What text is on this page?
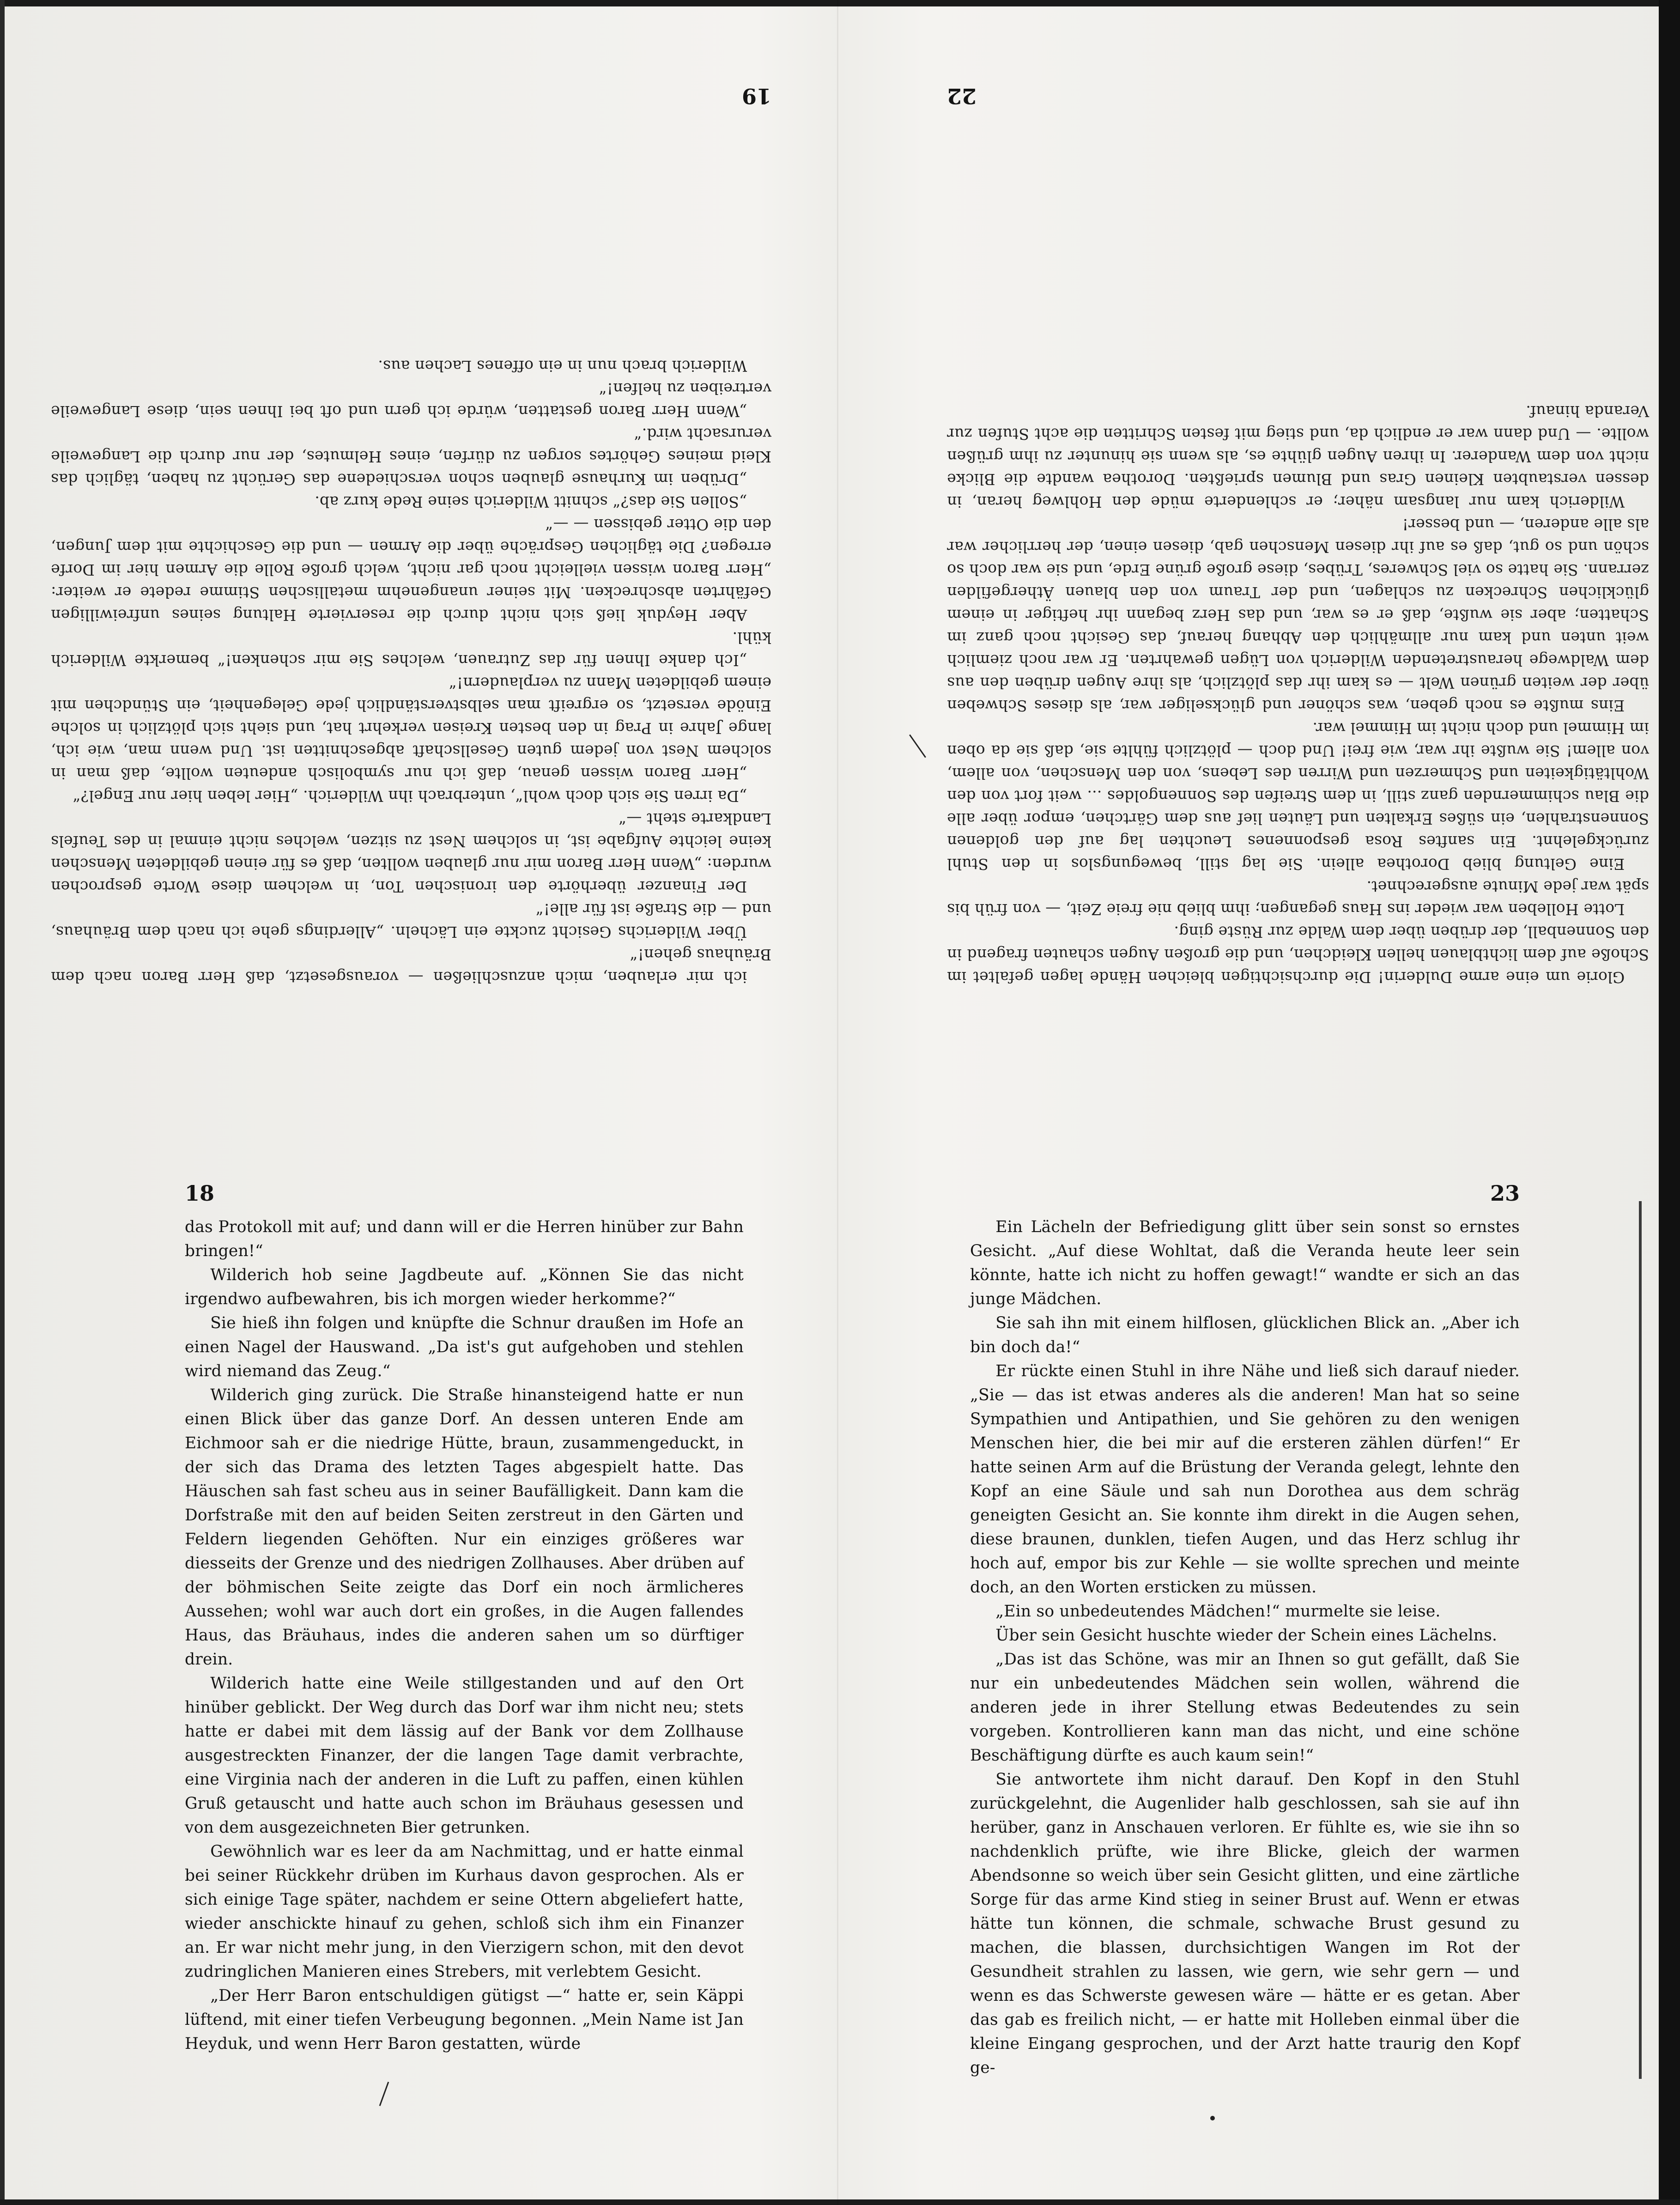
ich mir erlauben, mich anzuschließen — vorausgesetzt, daß Herr Baron nach dem Bräuhaus gehen!“

Über Wilderichs Gesicht zuckte ein Lächeln. „Allerdings gehe ich nach dem Bräuhaus, und — die Straße ist für alle!“

Der Finanzer überhörte den ironischen Ton, in welchem diese Worte gesprochen wurden: „Wenn Herr Baron mir nur glauben wollten, daß es für einen gebildeten Menschen keine leichte Aufgabe ist, in solchem Nest zu sitzen, welches nicht einmal in des Teufels Landkarte steht —“

„Da irren Sie sich doch wohl“, unterbrach ihn Wilderich. „Hier leben hier nur Engel?“

„Herr Baron wissen genau, daß ich nur symbolisch andeuten wollte, daß man in solchem Nest von jedem guten Gesellschaft abgeschnitten ist. Und wenn man, wie ich, lange Jahre in Prag in den besten Kreisen verkehrt hat, und sieht sich plötzlich in solche Einöde versetzt, so ergreift man selbstverständlich jede Gelegenheit, ein Stündchen mit einem gebildeten Mann zu verplaudern!“

„Ich danke Ihnen für das Zutrauen, welches Sie mir schenken!“ bemerkte Wilderich kühl.

Aber Heyduk ließ sich nicht durch die reservierte Haltung seines unfreiwilligen Gefährten abschrecken. Mit seiner unangenehm metallischen Stimme redete er weiter: „Herr Baron wissen vielleicht noch gar nicht, welch große Rolle die Armen hier im Dorfe erregen? Die täglichen Gespräche über die Armen — und die Geschichte mit dem Jungen, den die Otter gebissen — —“

„Sollen Sie das?“ schnitt Wilderich seine Rede kurz ab.

„Drüben im Kurhause glauben schon verschiedene das Gerücht zu haben, täglich das Kleid meines Gehörtes sorgen zu dürfen, eines Helmutes, der nur durch die Langeweile verursacht wird.“

„Wenn Herr Baron gestatten, würde ich gern und oft bei Ihnen sein, diese Langeweile vertreiben zu helfen!“

Wilderich brach nun in ein offenes Lachen aus.

19

Glorie um eine arme Dulderin! Die durchsichtigen bleichen Hände lagen gefaltet im Schoße auf dem lichtblauen hellen Kleidchen, und die großen Augen schauten fragend in den Sonnenball, der drüben über dem Walde zur Rüste ging.

Lotte Holleben war wieder ins Haus gegangen; ihm blieb nie freie Zeit, — von früh bis spät war jede Minute ausgerechnet.

Eine Geltung blieb Dorothea allein. Sie lag still, bewegungslos in den Stuhl zurückgelehnt. Ein sanftes Rosa gesponnenes Leuchten lag auf den goldenen Sonnenstrahlen, ein süßes Erkalten und Läuten lief aus dem Gärtchen, empor über alle die Blau schimmernden ganz still, in dem Streifen des Sonnengoldes ... weit fort von den Wohltätigkeiten und Schmerzen und Wirren des Lebens, von den Menschen, von allem, von allem! Sie wußte ihr war, wie frei! Und doch — plötzlich fühlte sie, daß sie da oben im Himmel und doch nicht im Himmel war.

Eins mußte es noch geben, was schöner und glückseliger war, als dieses Schweben über der weiten grünen Welt — es kam ihr das plötzlich, als ihre Augen drüben den aus dem Waldwege heraustretenden Wilderich von Lügen gewahrten. Er war noch ziemlich weit unten und kam nur allmählich den Abhang herauf, das Gesicht noch ganz im Schatten; aber sie wußte, daß er es war, und das Herz begann ihr heftiger in einem glücklichen Schrecken zu schlagen, und der Traum von den blauen Äthergefilden zerrann. Sie hatte so viel Schweres, Trübes, diese große grüne Erde, und sie war doch so schön und so gut, daß es auf ihr diesen Menschen gab, diesen einen, der herrlicher war als alle anderen, — und besser!

Wilderich kam nur langsam näher; er schlenderte müde den Hohlweg heran, in dessen verstaubten Kleinen Gras und Blumen sprießten. Dorothea wandte die Blicke nicht von dem Wanderer. In ihren Augen glühte es, als wenn sie hinunter zu ihm grüßen wollte. — Und dann war er endlich da, und stieg mit festen Schritten die acht Stufen zur Veranda hinauf.

22
18

das Protokoll mit auf; und dann will er die Herren hinüber zur Bahn bringen!“

Wilderich hob seine Jagdbeute auf. „Können Sie das nicht irgendwo aufbewahren, bis ich morgen wieder herkomme?“

Sie hieß ihn folgen und knüpfte die Schnur draußen im Hofe an einen Nagel der Hauswand. „Da ist's gut aufgehoben und stehlen wird niemand das Zeug.“

Wilderich ging zurück. Die Straße hinansteigend hatte er nun einen Blick über das ganze Dorf. An dessen unteren Ende am Eichmoor sah er die niedrige Hütte, braun, zusammengeduckt, in der sich das Drama des letzten Tages abgespielt hatte. Das Häuschen sah fast scheu aus in seiner Baufälligkeit. Dann kam die Dorfstraße mit den auf beiden Seiten zerstreut in den Gärten und Feldern liegenden Gehöften. Nur ein einziges größeres war diesseits der Grenze und des niedrigen Zollhauses. Aber drüben auf der böhmischen Seite zeigte das Dorf ein noch ärmlicheres Aussehen; wohl war auch dort ein großes, in die Augen fallendes Haus, das Bräuhaus, indes die anderen sahen um so dürftiger drein.

Wilderich hatte eine Weile stillgestanden und auf den Ort hinüber geblickt. Der Weg durch das Dorf war ihm nicht neu; stets hatte er dabei mit dem lässig auf der Bank vor dem Zollhause ausgestreckten Finanzer, der die langen Tage damit verbrachte, eine Virginia nach der anderen in die Luft zu paffen, einen kühlen Gruß getauscht und hatte auch schon im Bräuhaus gesessen und von dem ausgezeichneten Bier getrunken.

Gewöhnlich war es leer da am Nachmittag, und er hatte einmal bei seiner Rückkehr drüben im Kurhaus davon gesprochen. Als er sich einige Tage später, nachdem er seine Ottern abgeliefert hatte, wieder anschickte hinauf zu gehen, schloß sich ihm ein Finanzer an. Er war nicht mehr jung, in den Vierzigern schon, mit den devot zudringlichen Manieren eines Strebers, mit verlebtem Gesicht.

„Der Herr Baron entschuldigen gütigst —“ hatte er, sein Käppi lüftend, mit einer tiefen Verbeugung begonnen. „Mein Name ist Jan Heyduk, und wenn Herr Baron gestatten, würde

23

Ein Lächeln der Befriedigung glitt über sein sonst so ernstes Gesicht. „Auf diese Wohltat, daß die Veranda heute leer sein könnte, hatte ich nicht zu hoffen gewagt!“ wandte er sich an das junge Mädchen.

Sie sah ihn mit einem hilflosen, glücklichen Blick an. „Aber ich bin doch da!“

Er rückte einen Stuhl in ihre Nähe und ließ sich darauf nieder. „Sie — das ist etwas anderes als die anderen! Man hat so seine Sympathien und Antipathien, und Sie gehören zu den wenigen Menschen hier, die bei mir auf die ersteren zählen dürfen!“ Er hatte seinen Arm auf die Brüstung der Veranda gelegt, lehnte den Kopf an eine Säule und sah nun Dorothea aus dem schräg geneigten Gesicht an. Sie konnte ihm direkt in die Augen sehen, diese braunen, dunklen, tiefen Augen, und das Herz schlug ihr hoch auf, empor bis zur Kehle — sie wollte sprechen und meinte doch, an den Worten ersticken zu müssen.

„Ein so unbedeutendes Mädchen!“ murmelte sie leise.

Über sein Gesicht huschte wieder der Schein eines Lächelns.

„Das ist das Schöne, was mir an Ihnen so gut gefällt, daß Sie nur ein unbedeutendes Mädchen sein wollen, während die anderen jede in ihrer Stellung etwas Bedeutendes zu sein vorgeben. Kontrollieren kann man das nicht, und eine schöne Beschäftigung dürfte es auch kaum sein!“

Sie antwortete ihm nicht darauf. Den Kopf in den Stuhl zurückgelehnt, die Augenlider halb geschlossen, sah sie auf ihn herüber, ganz in Anschauen verloren. Er fühlte es, wie sie ihn so nachdenklich prüfte, wie ihre Blicke, gleich der warmen Abendsonne so weich über sein Gesicht glitten, und eine zärtliche Sorge für das arme Kind stieg in seiner Brust auf. Wenn er etwas hätte tun können, die schmale, schwache Brust gesund zu machen, die blassen, durchsichtigen Wangen im Rot der Gesundheit strahlen zu lassen, wie gern, wie sehr gern — und wenn es das Schwerste gewesen wäre — hätte er es getan. Aber das gab es freilich nicht, — er hatte mit Holleben einmal über die kleine Eingang gesprochen, und der Arzt hatte traurig den Kopf ge-
